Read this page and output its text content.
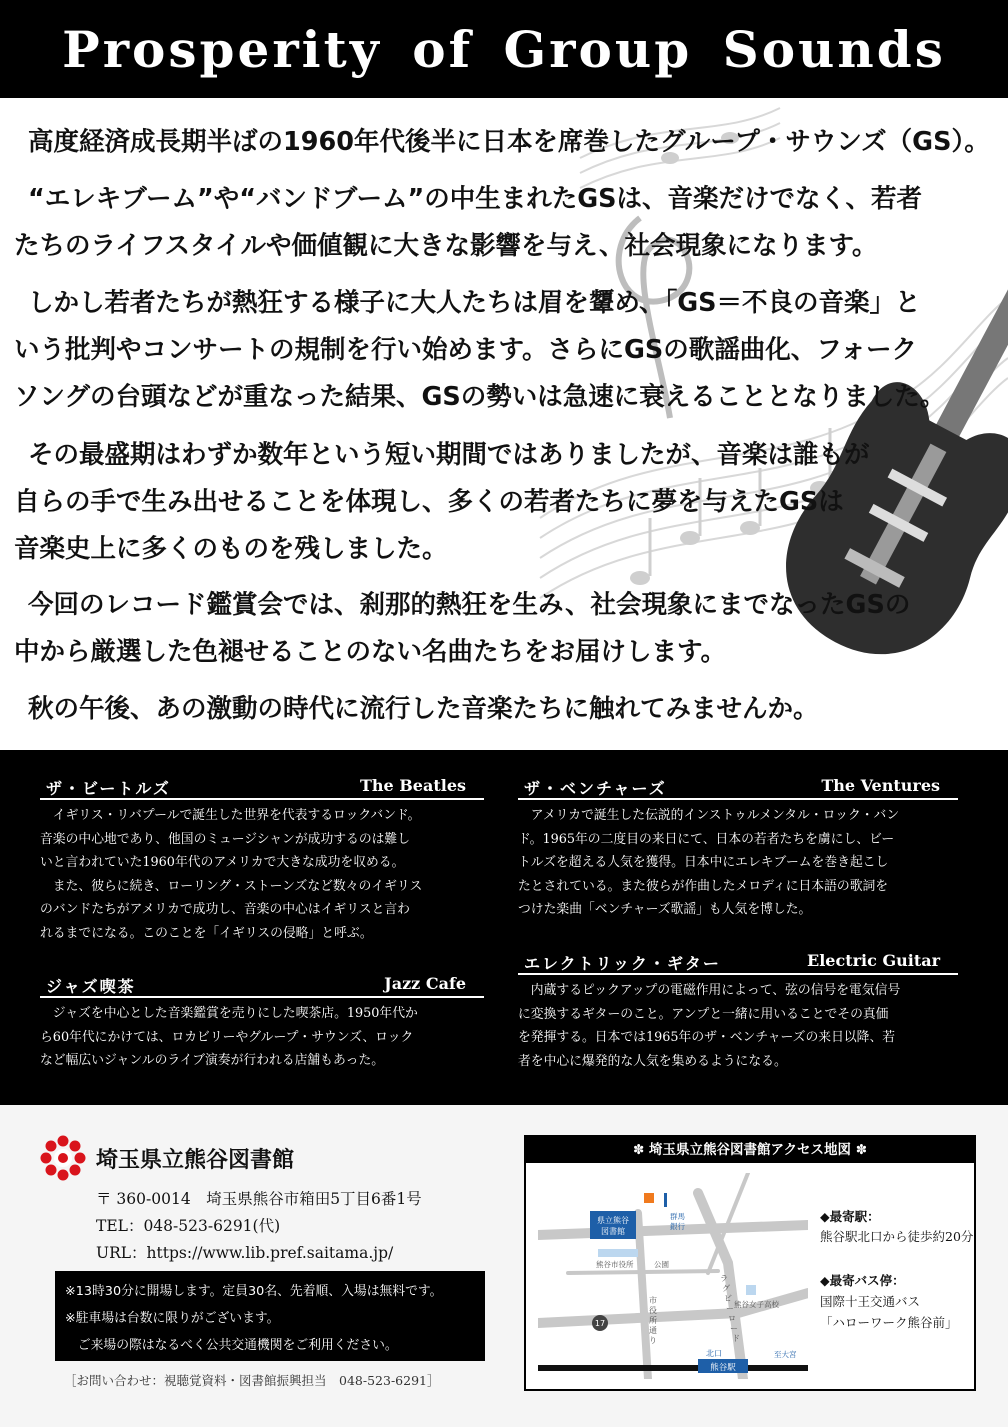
Prosperity of Group Sounds
高度経済成長期半ばの1960年代後半に日本を席巻したグループ・サウンズ（GS）。
“エレキブーム”や“バンドブーム”の中生まれたGSは、音楽だけでなく、若者
たちのライフスタイルや価値観に大きな影響を与え、社会現象になります。
しかし若者たちが熱狂する様子に大人たちは眉を顰め、「GS＝不良の音楽」と
いう批判やコンサートの規制を行い始めます。さらにGSの歌謡曲化、フォーク
ソングの台頭などが重なった結果、GSの勢いは急速に衰えることとなりました。
その最盛期はわずか数年という短い期間ではありましたが、音楽は誰もが
自らの手で生み出せることを体現し、多くの若者たちに夢を与えたGSは
音楽史上に多くのものを残しました。
今回のレコード鑑賞会では、刹那的熱狂を生み、社会現象にまでなったGSの
中から厳選した色褪せることのない名曲たちをお届けします。
秋の午後、あの激動の時代に流行した音楽たちに触れてみませんか。
ザ・ビートルズ	The Beatles
　イギリス・リバプールで誕生した世界を代表するロックバンド。
音楽の中心地であり、他国のミュージシャンが成功するのは難し
いと言われていた1960年代のアメリカで大きな成功を収める。
　また、彼らに続き、ローリング・ストーンズなど数々のイギリス
のバンドたちがアメリカで成功し、音楽の中心はイギリスと言わ
れるまでになる。このことを「イギリスの侵略」と呼ぶ。
ジャズ喫茶	Jazz Cafe
　ジャズを中心とした音楽鑑賞を売りにした喫茶店。1950年代か
ら60年代にかけては、ロカビリーやグループ・サウンズ、ロック
など幅広いジャンルのライブ演奏が行われる店舗もあった。
ザ・ベンチャーズ	The Ventures
　アメリカで誕生した伝説的インストゥルメンタル・ロック・バン
ド。1965年の二度目の来日にて、日本の若者たちを虜にし、ビー
トルズを超える人気を獲得。日本中にエレキブームを巻き起こし
たとされている。また彼らが作曲したメロディに日本語の歌詞を
つけた楽曲「ベンチャーズ歌謡」も人気を博した。
エレクトリック・ギター	Electric Guitar
　内蔵するピックアップの電磁作用によって、弦の信号を電気信号
に変換するギターのこと。アンプと一緒に用いることでその真価
を発揮する。日本では1965年のザ・ベンチャーズの来日以降、若
者を中心に爆発的な人気を集めるようになる。
埼玉県立熊谷図書館
〒 360-0014　埼玉県熊谷市箱田5丁目6番1号
TEL：048-523-6291(代)
URL：https://www.lib.pref.saitama.jp/
※13時30分に開場します。定員30名、先着順、入場は無料です。
※駐車場は台数に限りがございます。
　ご来場の際はなるべく公共交通機関をご利用ください。
［お問い合わせ：視聴覚資料・図書館振興担当　048-523-6291］
✽ 埼玉県立熊谷図書館アクセス地図 ✽
県立熊谷
図書館
群馬
銀行
熊谷市役所	公園
熊谷女子高校
市
役
所
通
り
ラ
グ
ビ
ー
ロ
ー
ド
17
熊谷駅
北口	至大宮
◆最寄駅：
熊谷駅北口から徒歩約20分
◆最寄バス停：
国際十王交通バス
「ハローワーク熊谷前」
